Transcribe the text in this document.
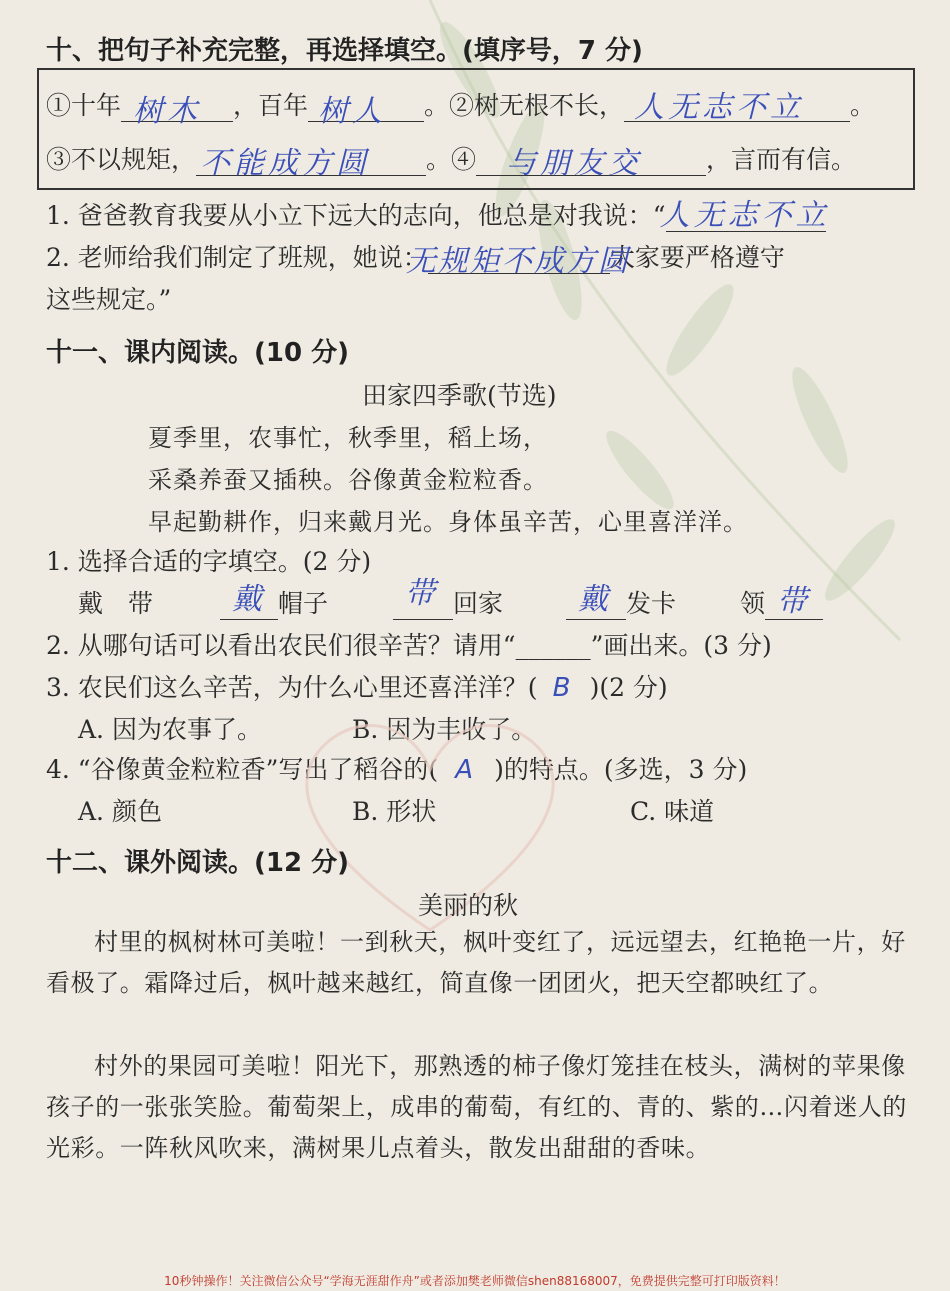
十、把句子补充完整，再选择填空。(填序号，7 分)
①十年 树木 ，百年 树人 。②树无根不长， 人无志不立 。
③不以规矩， 不能成方圆 。④ 与朋友交	，言而有信。
1. 爸爸教育我要从小立下远大的志向，他总是对我说：“
人无志不立
2. 老师给我们制定了班规，她说：
无规矩不成方圆
大家要严格遵守
这些规定。”
十一、课内阅读。(10 分)
田家四季歌(节选)
夏季里，农事忙，秋季里，稻上场，
采桑养蚕又插秧。谷像黄金粒粒香。
早起勤耕作，归来戴月光。身体虽辛苦，心里喜洋洋。
1. 选择合适的字填空。(2 分)
戴　带	戴 帽子	带 回家 戴 发卡	领 带
2. 从哪句话可以看出农民们很辛苦？请用“______”画出来。(3 分)
3. 农民们这么辛苦，为什么心里还喜洋洋？( B )(2 分)
A. 因为农事了。	B. 因为丰收了。
4. “谷像黄金粒粒香”写出了稻谷的( A )的特点。(多选，3 分)
A. 颜色	B. 形状	C. 味道
十二、课外阅读。(12 分)
美丽的秋
村里的枫树林可美啦！一到秋天，枫叶变红了，远远望去，红艳艳一片，好看极了。霜降过后，枫叶越来越红，简直像一团团火，把天空都映红了。
村外的果园可美啦！阳光下，那熟透的柿子像灯笼挂在枝头，满树的苹果像孩子的一张张笑脸。葡萄架上，成串的葡萄，有红的、青的、紫的…闪着迷人的光彩。一阵秋风吹来，满树果儿点着头，散发出甜甜的香味。
10秒钟操作！关注微信公众号“学海无涯甜作舟”或者添加樊老师微信shen88168007，免费提供完整可打印版资料！
